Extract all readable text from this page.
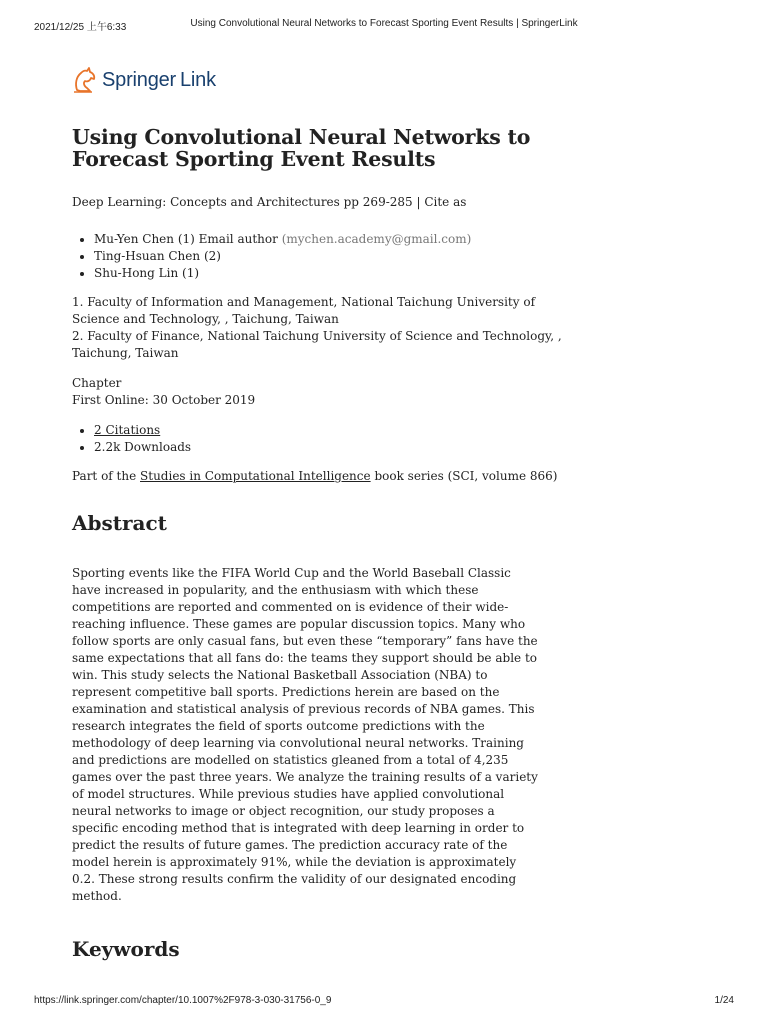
2021/12/25 上午6:33	Using Convolutional Neural Networks to Forecast Sporting Event Results | SpringerLink
Springer Link
Using Convolutional Neural Networks to Forecast Sporting Event Results
Deep Learning: Concepts and Architectures pp 269-285 | Cite as
• Mu-Yen Chen (1) Email author (mychen.academy@gmail.com)
• Ting-Hsuan Chen (2)
• Shu-Hong Lin (1)
1. Faculty of Information and Management, National Taichung University of Science and Technology, , Taichung, Taiwan
2. Faculty of Finance, National Taichung University of Science and Technology, , Taichung, Taiwan
Chapter
First Online: 30 October 2019
• 2 Citations
• 2.2k Downloads
Part of the Studies in Computational Intelligence book series (SCI, volume 866)
Abstract

Sporting events like the FIFA World Cup and the World Baseball Classic have increased in popularity, and the enthusiasm with which these competitions are reported and commented on is evidence of their wide-reaching influence. These games are popular discussion topics. Many who follow sports are only casual fans, but even these “temporary” fans have the same expectations that all fans do: the teams they support should be able to win. This study selects the National Basketball Association (NBA) to represent competitive ball sports. Predictions herein are based on the examination and statistical analysis of previous records of NBA games. This research integrates the field of sports outcome predictions with the methodology of deep learning via convolutional neural networks. Training and predictions are modelled on statistics gleaned from a total of 4,235 games over the past three years. We analyze the training results of a variety of model structures. While previous studies have applied convolutional neural networks to image or object recognition, our study proposes a specific encoding method that is integrated with deep learning in order to predict the results of future games. The prediction accuracy rate of the model herein is approximately 91%, while the deviation is approximately 0.2. These strong results confirm the validity of our designated encoding method.

Keywords
https://link.springer.com/chapter/10.1007%2F978-3-030-31756-0_9	1/24
